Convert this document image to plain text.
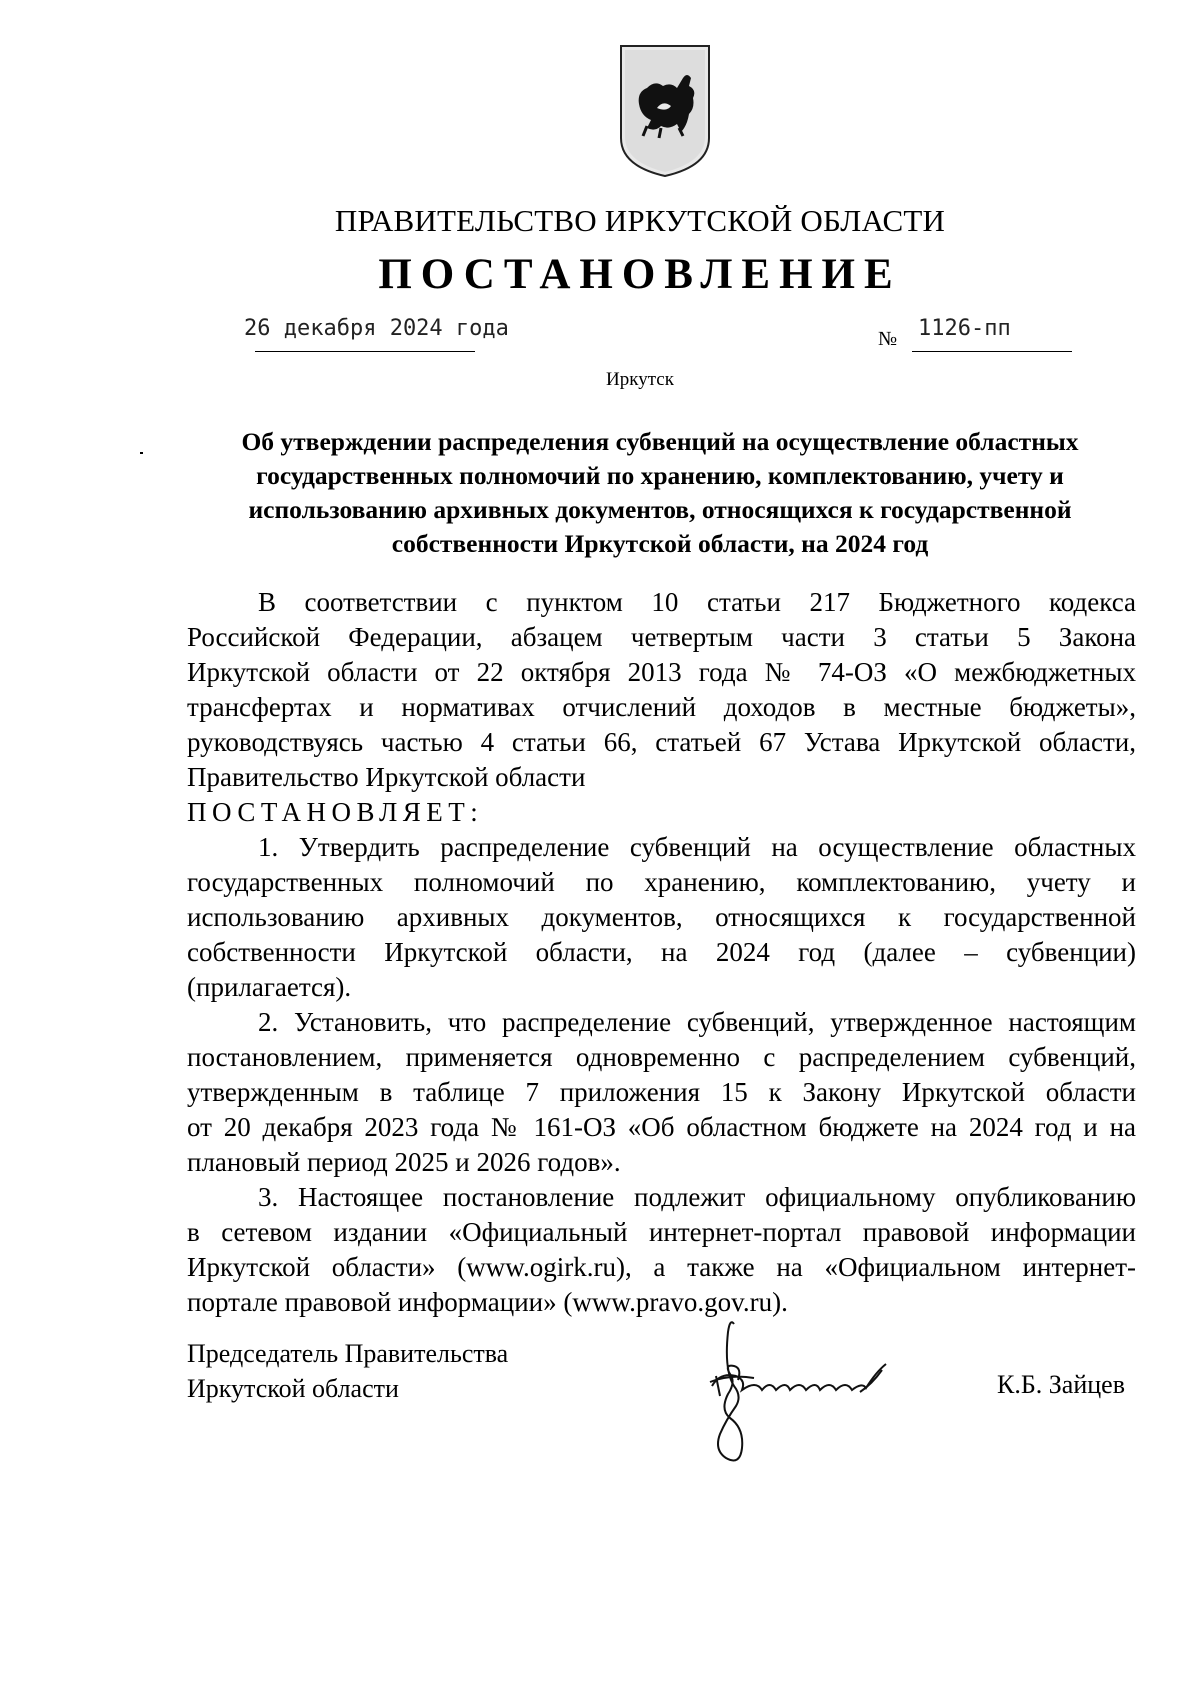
ПРАВИТЕЛЬСТВО ИРКУТСКОЙ ОБЛАСТИ
ПОСТАНОВЛЕНИЕ
26 декабря 2024 года	№ 1126-пп
Иркутск
Об утверждении распределения субвенций на осуществление областных
государственных полномочий по хранению, комплектованию, учету и
использованию архивных документов, относящихся к государственной
собственности Иркутской области, на 2024 год
В соответствии с пунктом 10 статьи 217 Бюджетного кодекса
Российской Федерации, абзацем четвертым части 3 статьи 5 Закона
Иркутской области от 22 октября 2013 года № 74-ОЗ «О межбюджетных
трансфертах и нормативах отчислений доходов в местные бюджеты»,
руководствуясь частью 4 статьи 66, статьей 67 Устава Иркутской области,
Правительство Иркутской области
ПОСТАНОВЛЯЕТ:
1. Утвердить распределение субвенций на осуществление областных
государственных полномочий по хранению, комплектованию, учету и
использованию архивных документов, относящихся к государственной
собственности Иркутской области, на 2024 год (далее – субвенции)
(прилагается).
2. Установить, что распределение субвенций, утвержденное настоящим
постановлением, применяется одновременно с распределением субвенций,
утвержденным в таблице 7 приложения 15 к Закону Иркутской области
от 20 декабря 2023 года № 161-ОЗ «Об областном бюджете на 2024 год и на
плановый период 2025 и 2026 годов».
3. Настоящее постановление подлежит официальному опубликованию
в сетевом издании «Официальный интернет-портал правовой информации
Иркутской области» (www.ogirk.ru), а также на «Официальном интернет-
портале правовой информации» (www.pravo.gov.ru).
Председатель Правительства
Иркутской области	К.Б. Зайцев
